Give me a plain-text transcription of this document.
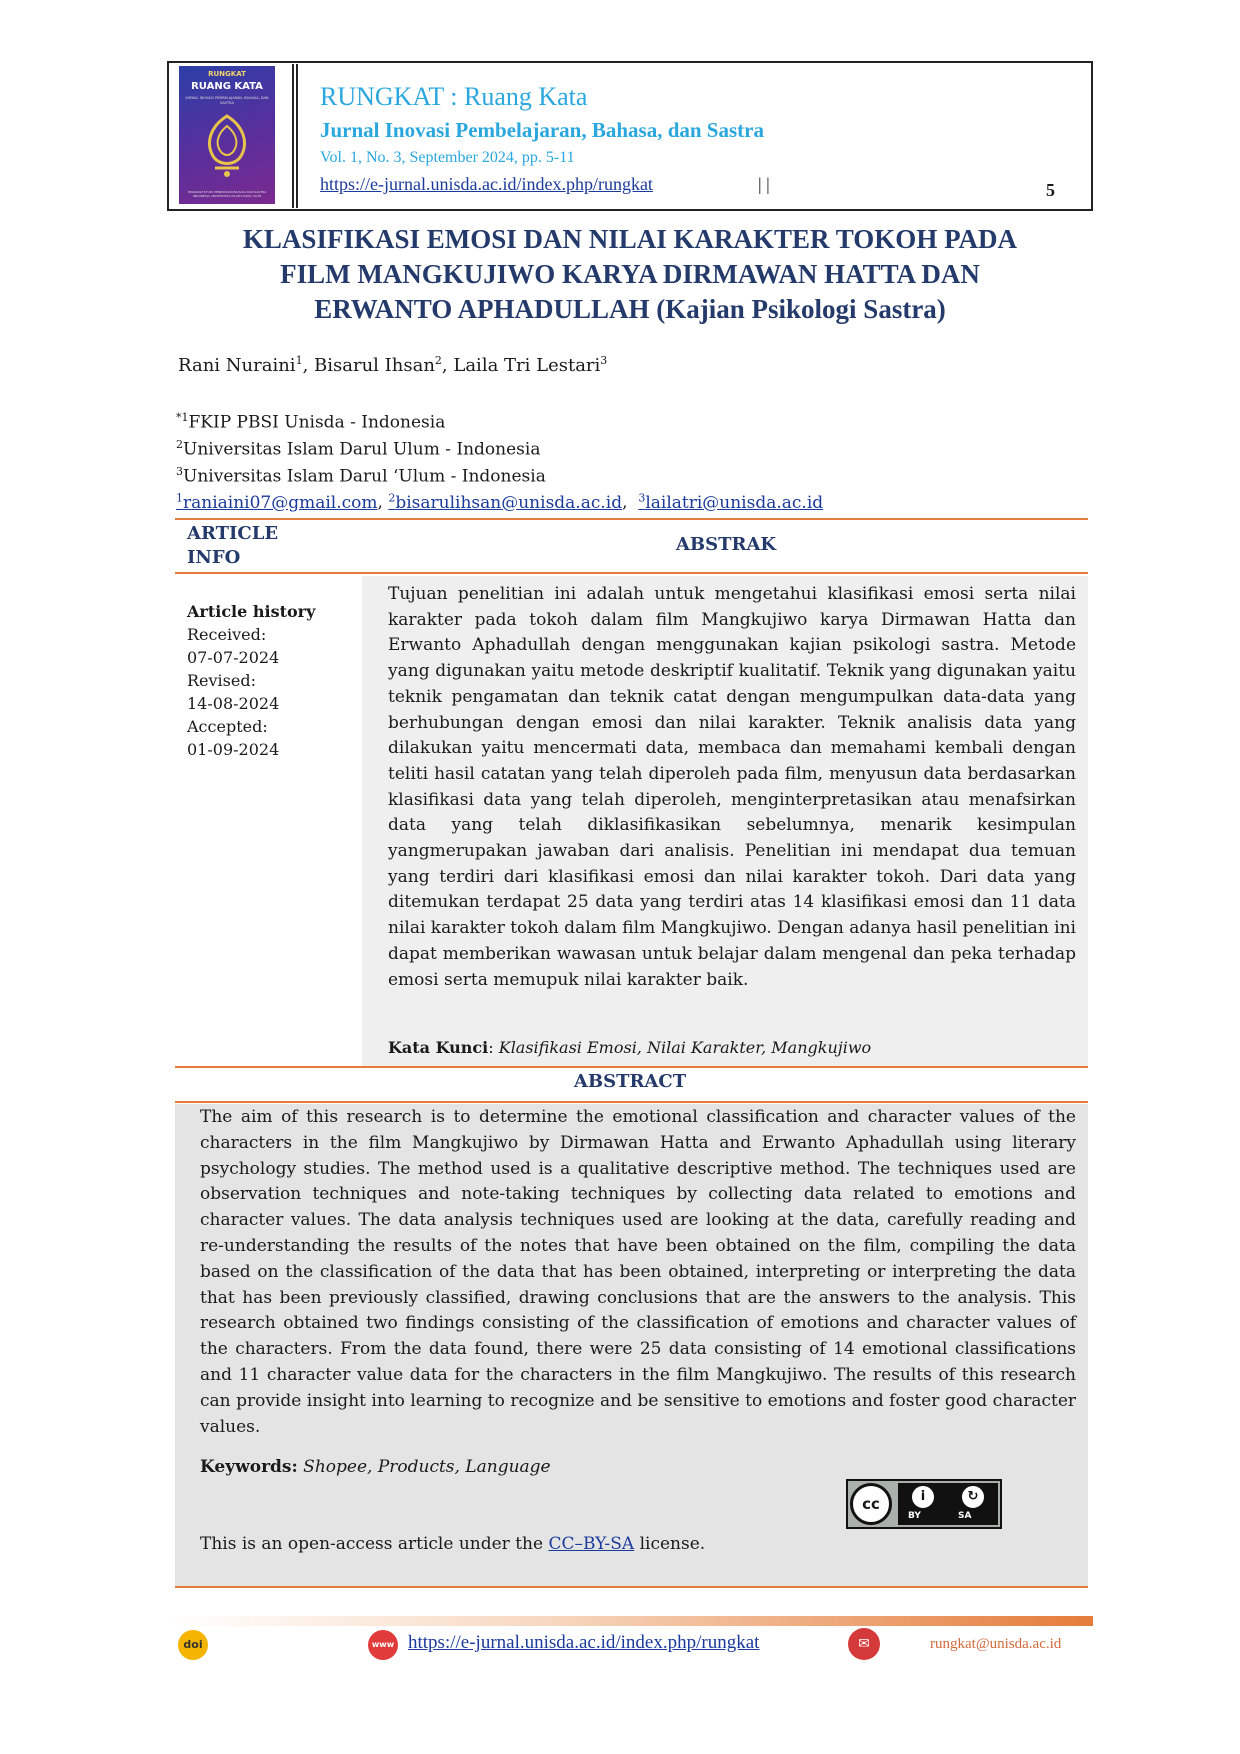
RUNGKAT
RUANG KATA
JURNAL INOVASI PEMBELAJARAN, BAHASA, DAN SASTRA
PROGRAM STUDI PENDIDIKAN BAHASA DAN SASTRA INDONESIA UNIVERSITAS ISLAM DARUL ULUM
RUNGKAT : Ruang Kata
Jurnal Inovasi Pembelajaran, Bahasa, dan Sastra
Vol. 1, No. 3, September 2024, pp. 5-11
https://e-jurnal.unisda.ac.id/index.php/rungkat	| |	5
KLASIFIKASI EMOSI DAN NILAI KARAKTER TOKOH PADA
FILM MANGKUJIWO KARYA DIRMAWAN HATTA DAN
ERWANTO APHADULLAH (Kajian Psikologi Sastra)
Rani Nuraini$^1$, Bisarul Ihsan$^2$, Laila Tri Lestari$^3$
$^{*1}$FKIP PBSI Unisda - Indonesia
$^2$Universitas Islam Darul Ulum - Indonesia
$^3$Universitas Islam Darul ‘Ulum - Indonesia
$^1$raniaini07@gmail.com, $^2$bisarulihsan@unisda.ac.id,  $^3$lailatri@unisda.ac.id
ARTICLE INFO
ABSTRAK
Article history
Received:
07-07-2024
Revised:
14-08-2024
Accepted:
01-09-2024
Tujuan penelitian ini adalah untuk mengetahui klasifikasi emosi serta nilai karakter pada tokoh dalam film Mangkujiwo karya Dirmawan Hatta dan Erwanto Aphadullah dengan menggunakan kajian psikologi sastra. Metode yang digunakan yaitu metode deskriptif kualitatif. Teknik yang digunakan yaitu teknik pengamatan dan teknik catat dengan mengumpulkan data-data yang berhubungan dengan emosi dan nilai karakter. Teknik analisis data yang dilakukan yaitu mencermati data, membaca dan memahami kembali dengan teliti hasil catatan yang telah diperoleh pada film, menyusun data berdasarkan klasifikasi data yang telah diperoleh, menginterpretasikan atau menafsirkan data yang telah diklasifikasikan sebelumnya, menarik kesimpulan yangmerupakan jawaban dari analisis. Penelitian ini mendapat dua temuan yang terdiri dari klasifikasi emosi dan nilai karakter tokoh. Dari data yang ditemukan terdapat 25 data yang terdiri atas 14 klasifikasi emosi dan 11 data nilai karakter tokoh dalam film Mangkujiwo. Dengan adanya hasil penelitian ini dapat memberikan wawasan untuk belajar dalam mengenal dan peka terhadap emosi serta memupuk nilai karakter baik.
Kata Kunci: Klasifikasi Emosi, Nilai Karakter, Mangkujiwo
ABSTRACT
The aim of this research is to determine the emotional classification and character values of the characters in the film Mangkujiwo by Dirmawan Hatta and Erwanto Aphadullah using literary psychology studies. The method used is a qualitative descriptive method. The techniques used are observation techniques and note-taking techniques by collecting data related to emotions and character values. The data analysis techniques used are looking at the data, carefully reading and re-understanding the results of the notes that have been obtained on the film, compiling the data based on the classification of the data that has been obtained, interpreting or interpreting the data that has been previously classified, drawing conclusions that are the answers to the analysis. This research obtained two findings consisting of the classification of emotions and character values of the characters. From the data found, there were 25 data consisting of 14 emotional classifications and 11 character value data for the characters in the film Mangkujiwo. The results of this research can provide insight into learning to recognize and be sensitive to emotions and foster good character values.
Keywords: Shopee, Products, Language
cc	i	↻
BY	SA
This is an open-access article under the CC–BY-SA license.
doi	www https://e-jurnal.unisda.ac.id/index.php/rungkat	✉	rungkat@unisda.ac.id
